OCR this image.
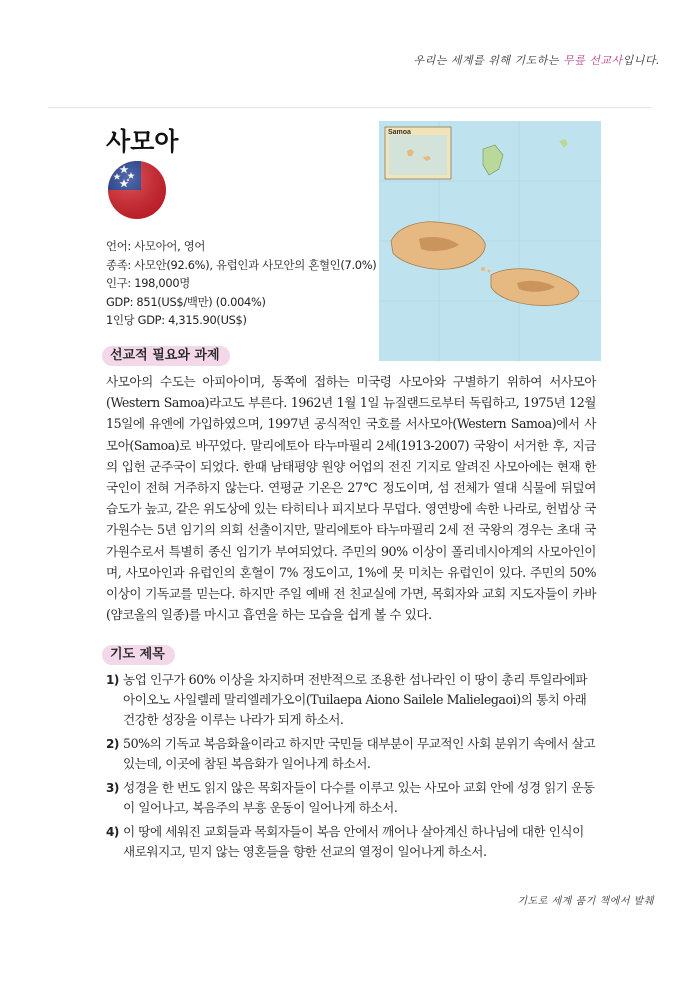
우리는 세계를 위해 기도하는 무릎 선교사입니다.
사모아
언어: 사모아어, 영어
종족: 사모안(92.6%), 유럽인과 사모안의 혼혈인(7.0%)
인구: 198,000명
GDP: 851(US$/백만) (0.004%)
1인당 GDP: 4,315.90(US$)
Samoa
선교적 필요와 과제
사모아의 수도는 아피아이며, 동쪽에 접하는 미국령 사모아와 구별하기 위하여 서사모아(Western Samoa)라고도 부른다. 1962년 1월 1일 뉴질랜드로부터 독립하고, 1975년 12월 15일에 유엔에 가입하였으며, 1997년 공식적인 국호를 서사모아(Western Samoa)에서 사모아(Samoa)로 바꾸었다. 말리에토아 타누마필리 2세(1913-2007) 국왕이 서거한 후, 지금의 입헌 군주국이 되었다. 한때 남태평양 원양 어업의 전진 기지로 알려진 사모아에는 현재 한국인이 전혀 거주하지 않는다. 연평균 기온은 27℃ 정도이며, 섬 전체가 열대 식물에 뒤덮여 습도가 높고, 같은 위도상에 있는 타히티나 피지보다 무덥다. 영연방에 속한 나라로, 헌법상 국가원수는 5년 임기의 의회 선출이지만, 말리에토아 타누마필리 2세 전 국왕의 경우는 초대 국가원수로서 특별히 종신 임기가 부여되었다. 주민의 90% 이상이 폴리네시아계의 사모아인이며, 사모아인과 유럽인의 혼혈이 7% 정도이고, 1%에 못 미치는 유럽인이 있다. 주민의 50% 이상이 기독교를 믿는다. 하지만 주일 예배 전 친교실에 가면, 목회자와 교회 지도자들이 카바(얌코올의 일종)를 마시고 흡연을 하는 모습을 쉽게 볼 수 있다.
기도 제목
1) 농업 인구가 60% 이상을 차지하며 전반적으로 조용한 섬나라인 이 땅이 총리 투일라에파 아이오노 사일렐레 말리엘레가오이(Tuilaepa Aiono Sailele Malielegaoi)의 통치 아래 건강한 성장을 이루는 나라가 되게 하소서.
2) 50%의 기독교 복음화율이라고 하지만 국민들 대부분이 무교적인 사회 분위기 속에서 살고 있는데, 이곳에 참된 복음화가 일어나게 하소서.
3) 성경을 한 번도 읽지 않은 목회자들이 다수를 이루고 있는 사모아 교회 안에 성경 읽기 운동이 일어나고, 복음주의 부흥 운동이 일어나게 하소서.
4) 이 땅에 세워진 교회들과 목회자들이 복음 안에서 깨어나 살아계신 하나님에 대한 인식이 새로워지고, 믿지 않는 영혼들을 향한 선교의 열정이 일어나게 하소서.
기도로 세계 품기 책에서 발췌
